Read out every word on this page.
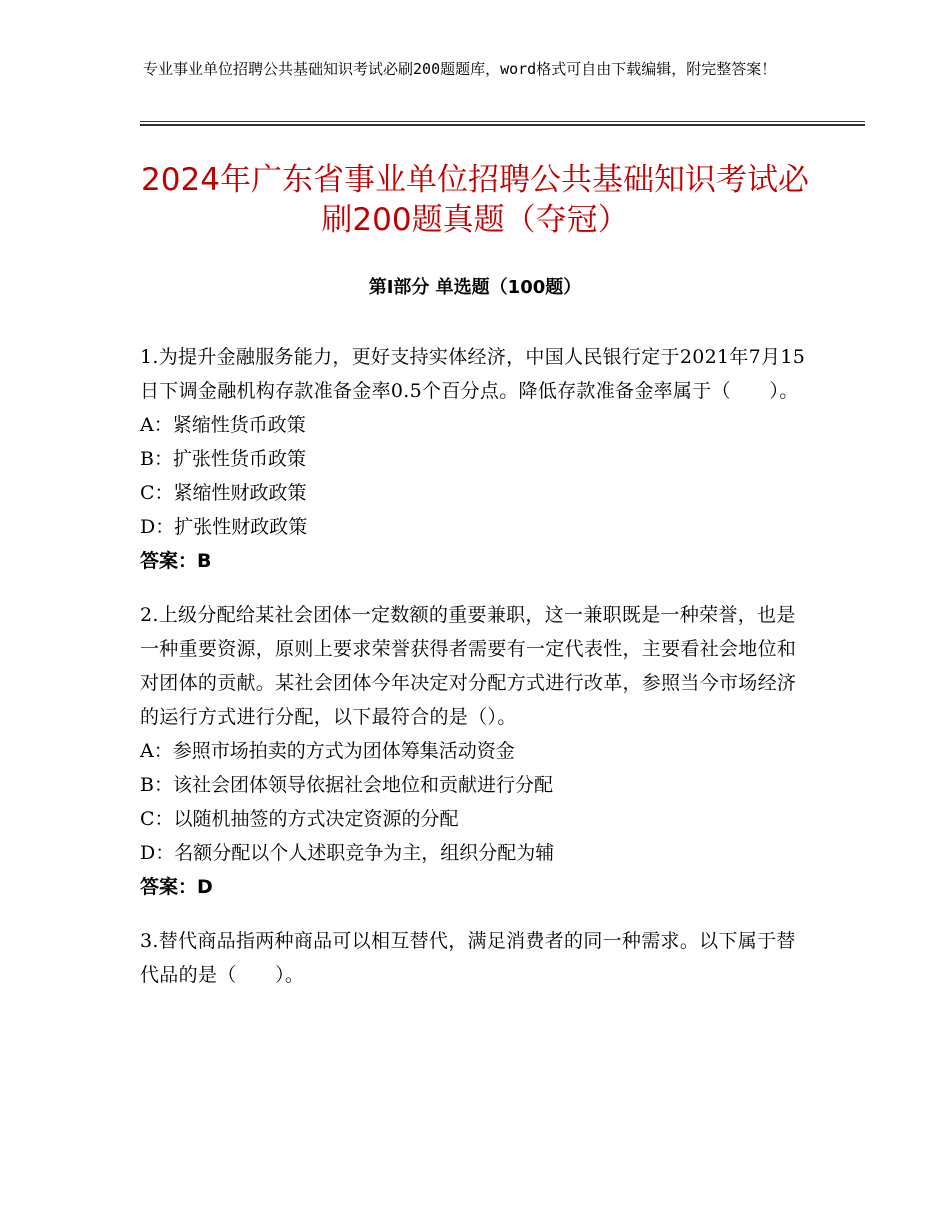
专业事业单位招聘公共基础知识考试必刷200题题库，word格式可自由下载编辑，附完整答案！
2024年广东省事业单位招聘公共基础知识考试必刷200题真题（夺冠）
第Ⅰ部分 单选题（100题）

1.为提升金融服务能力，更好支持实体经济，中国人民银行定于2021年7月15日下调金融机构存款准备金率0.5个百分点。降低存款准备金率属于（　　）。

A：紧缩性货币政策

B：扩张性货币政策

C：紧缩性财政政策

D：扩张性财政政策

答案：B

2.上级分配给某社会团体一定数额的重要兼职，这一兼职既是一种荣誉，也是一种重要资源，原则上要求荣誉获得者需要有一定代表性，主要看社会地位和对团体的贡献。某社会团体今年决定对分配方式进行改革，参照当今市场经济的运行方式进行分配，以下最符合的是（）。

A：参照市场拍卖的方式为团体筹集活动资金

B：该社会团体领导依据社会地位和贡献进行分配

C：以随机抽签的方式决定资源的分配

D：名额分配以个人述职竞争为主，组织分配为辅

答案：D

3.替代商品指两种商品可以相互替代，满足消费者的同一种需求。以下属于替代品的是（　　）。
